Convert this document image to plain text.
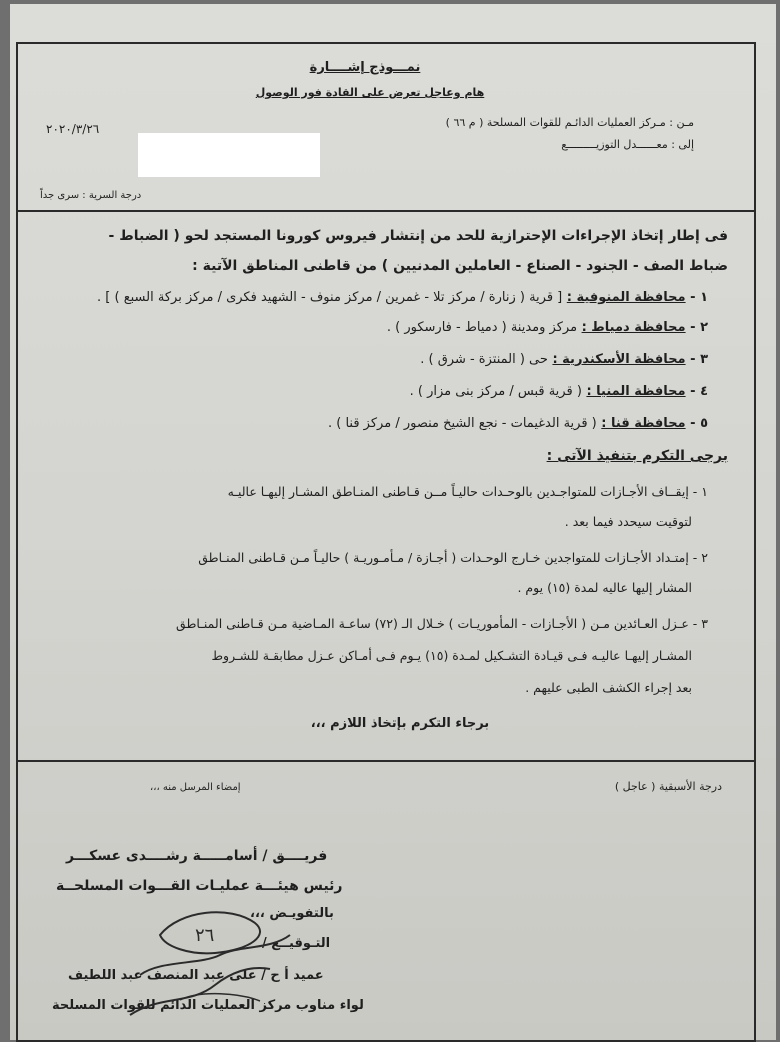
نمـــوذج إشــــارة
هام وعاجل تعرض على القادة فور الوصول
مـن : مـركز العمليات الدائـم للقوات المسلحة ( م ٦٦ )
إلى : معــــــدل التوزيـــــــــع
٢٠٢٠/٣/٢٦
درجة السرية : سرى جداً
فى إطار إتخاذ الإجراءات الإحترازية للحد من إنتشار فيروس كورونا المستجد لحو ( الضباط -
ضباط الصف - الجنود - الصناع - العاملين المدنيين ) من قاطنى المناطق الآتية :
١ - محافظة المنوفية : [ قرية ( زنارة / مركز تلا - غمرين / مركز منوف - الشهيد فكرى / مركز بركة السبع ) ] .
٢ - محافظة دمياط : مركز ومدينة ( دمياط - فارسكور ) .
٣ - محافظة الأسكندرية : حى ( المنتزة - شرق ) .
٤ - محافظة المنيا : ( قرية قبس / مركز بنى مزار ) .
٥ - محافظة قنا : ( قرية الدغيمات - نجع الشيخ منصور / مركز قنا ) .
برجى التكرم بتنفيذ الآتى :
١ - إيقــاف الأجـازات للمتواجـدين بالوحـدات حاليـاً مــن قـاطنى المنـاطق المشـار إليهـا عاليـه
لتوقيت سيحدد فيما بعد .
٢ - إمتـداد الأجـازات للمتواجدين خـارج الوحـدات ( أجـازة / مـأمـوريـة ) حاليـاً مـن قـاطنى المنـاطق
المشار إليها عاليه لمدة (١٥) يوم .
٣ - عـزل العـائدين مـن ( الأجـازات - المأموريـات ) خـلال الـ (٧٢) ساعـة المـاضية مـن قـاطنى المنـاطق
المشـار إليهـا عاليـه فـى قيـادة التشـكيل لمـدة (١٥) يـوم فـى أمـاكن عـزل مطابقـة للشـروط
بعد إجراء الكشف الطبى عليهم .
برجاء التكرم بإتخاذ اللازم ،،،
درجة الأسبقية ( عاجل )
إمضاء المرسل منه ،،،
فريــــق / أسامـــــة رشــــدى عسكـــر
رئيس هيئـــة عمليـات القـــوات المسلحــة
بالتفويـض ،،،
التـوقيــع /
عميد أ ح / على عبد المنصف عبد اللطيف
لواء مناوب مركز العمليات الدائم للقوات المسلحة
٢٦
